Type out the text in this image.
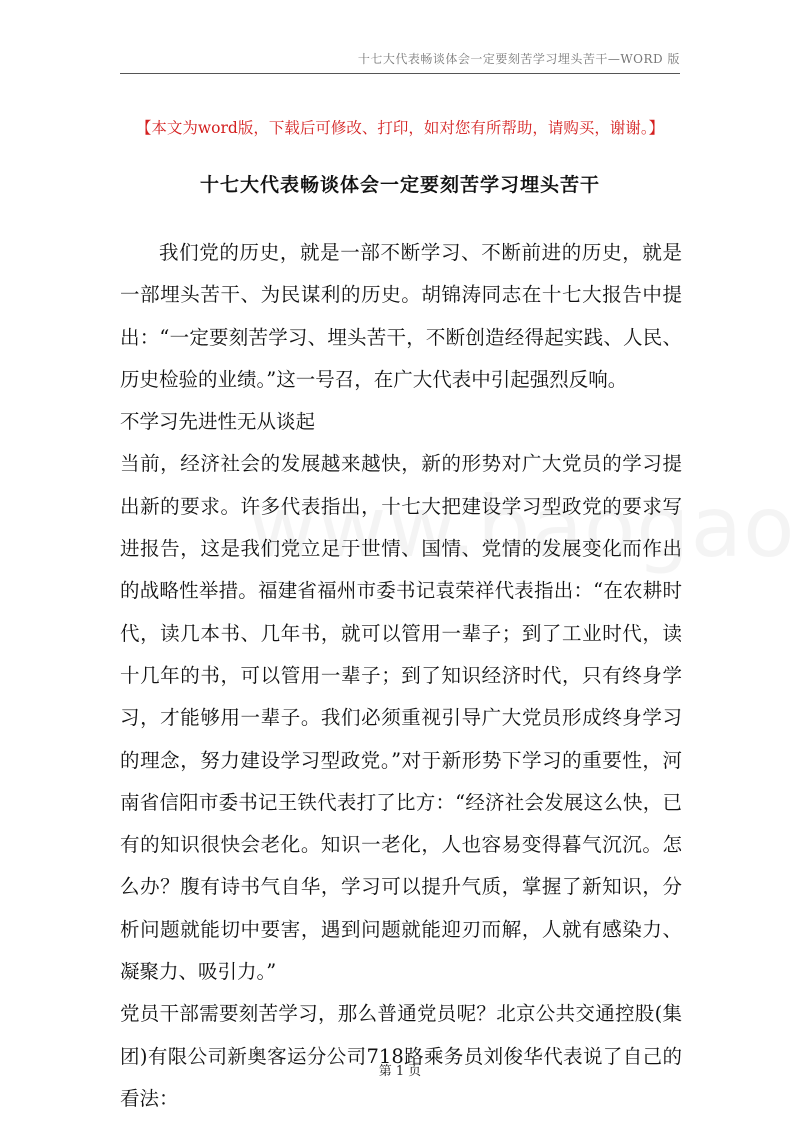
十七大代表畅谈体会一定要刻苦学习埋头苦干—WORD 版
【本文为word版，下载后可修改、打印，如对您有所帮助，请购买，谢谢。】
十七大代表畅谈体会一定要刻苦学习埋头苦干

我们党的历史，就是一部不断学习、不断前进的历史，就是一部埋头苦干、为民谋利的历史。胡锦涛同志在十七大报告中提出：“一定要刻苦学习、埋头苦干，不断创造经得起实践、人民、历史检验的业绩。”这一号召，在广大代表中引起强烈反响。

不学习先进性无从谈起

当前，经济社会的发展越来越快，新的形势对广大党员的学习提出新的要求。许多代表指出，十七大把建设学习型政党的要求写进报告，这是我们党立足于世情、国情、党情的发展变化而作出的战略性举措。福建省福州市委书记袁荣祥代表指出：“在农耕时代，读几本书、几年书，就可以管用一辈子；到了工业时代，读十几年的书，可以管用一辈子；到了知识经济时代，只有终身学习，才能够用一辈子。我们必须重视引导广大党员形成终身学习的理念，努力建设学习型政党。”对于新形势下学习的重要性，河南省信阳市委书记王铁代表打了比方：“经济社会发展这么快，已有的知识很快会老化。知识一老化，人也容易变得暮气沉沉。怎么办？腹有诗书气自华，学习可以提升气质，掌握了新知识，分析问题就能切中要害，遇到问题就能迎刃而解，人就有感染力、凝聚力、吸引力。”

党员干部需要刻苦学习，那么普通党员呢？北京公共交通控股(集团)有限公司新奥客运分公司718路乘务员刘俊华代表说了自己的看法：

第 1 页
